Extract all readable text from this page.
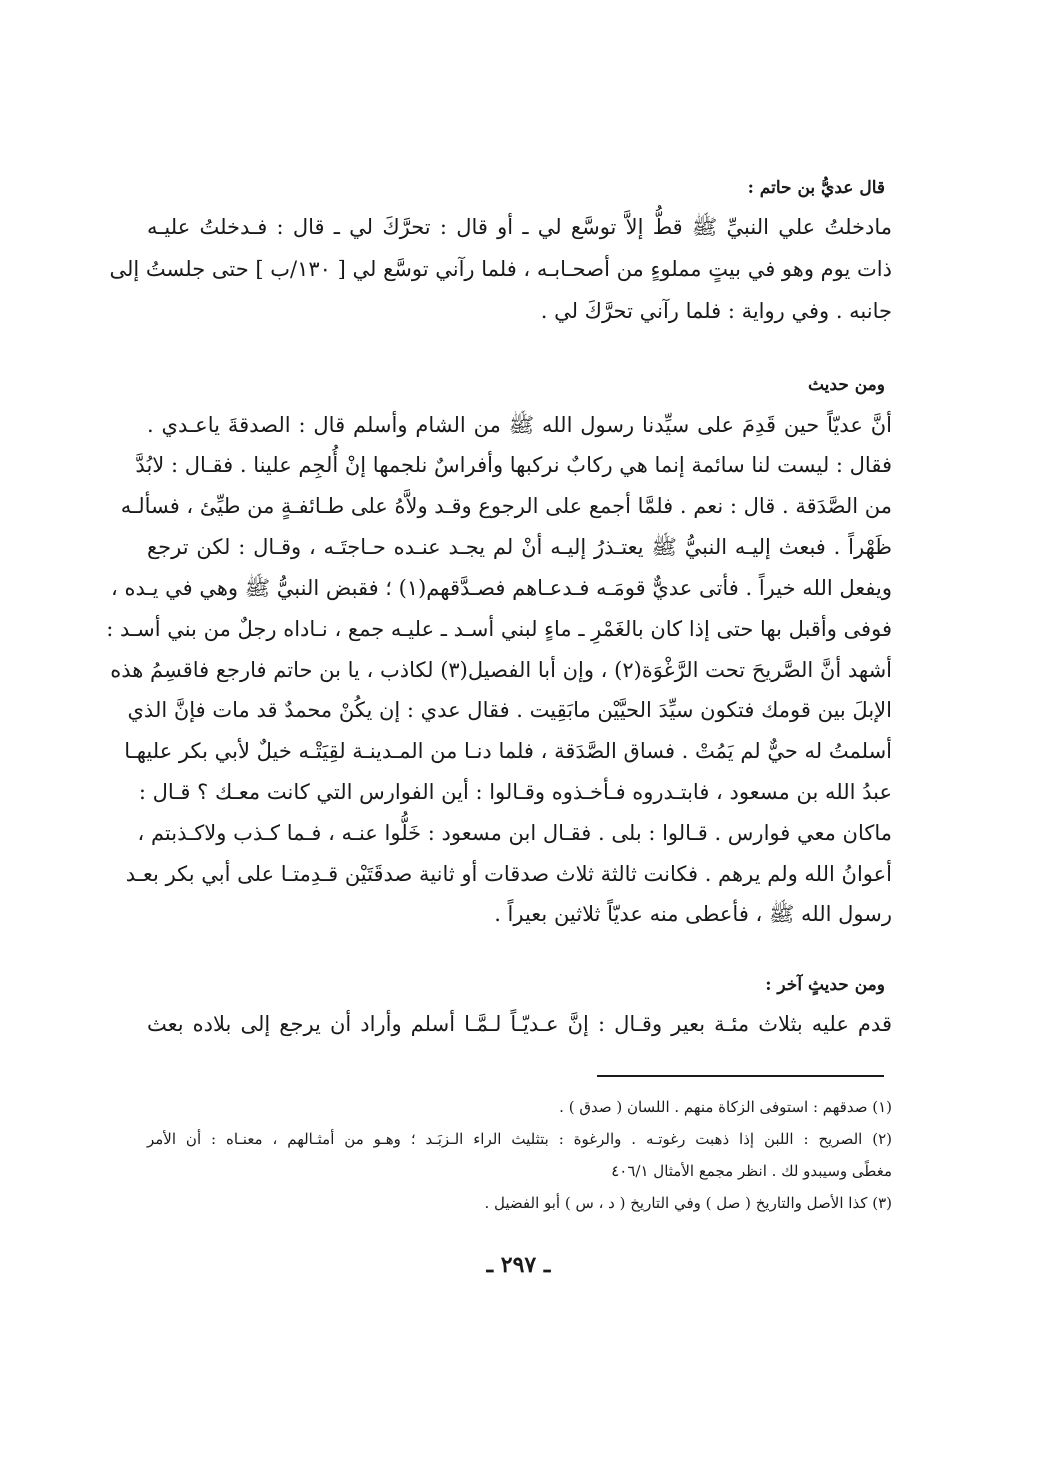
قال عديُّ بن حاتم :
مادخلتُ علي النبيِّ ﷺ قطُّ إلاَّ توسَّع لي ـ أو قال : تحرَّكَ لي ـ قال : فـدخلتُ عليـه
ذات يوم وهو في بيتٍ مملوءٍ من أصحـابـه ، فلما رآني توسَّع لي [ ١٣٠/ب ] حتى جلستُ إلى
جانبه . وفي رواية : فلما رآني تحرَّكَ لي .
ومن حديث
أنَّ عديّاً حين قَدِمَ على سيِّدنا رسول الله ﷺ من الشام وأسلم قال : الصدقةَ ياعـدي .
فقال : ليست لنا سائمة إنما هي ركابٌ نركبها وأفراسٌ نلجمها إنْ أُلجِم علينا . فقـال : لابُدَّ
من الصَّدَقة . قال : نعم . فلمَّا أجمع على الرجوع وقـد ولاَّهُ على طـائفـةٍ من طيِّئ ، فسألـه
ظَهْراً . فبعث إليـه النبيُّ ﷺ يعتـذرُ إليـه أنْ لم يجـد عنـده حـاجتَـه ، وقـال : لكن ترجع
ويفعل الله خيراً . فأتى عديٌّ قومَـه فـدعـاهم فصـدَّقهم(١) ؛ فقبض النبيُّ ﷺ وهي في يـده ،
فوفى وأقبل بها حتى إذا كان بالغَمْرِ ـ ماءٍ لبني أسـد ـ عليـه جمع ، نـاداه رجلٌ من بني أسـد :
أشهد أنَّ الصَّريحَ تحت الرَّغْوَة(٢) ، وإن أبا الفصيل(٣) لكاذب ، يا بن حاتم فارجع فاقسِمُ هذه
الإبلَ بين قومك فتكون سيِّدَ الحيَّيْن مابَقِيت . فقال عدي : إن يكُنْ محمدٌ قد مات فإنَّ الذي
أسلمتُ له حيٌّ لم يَمُتْ . فساق الصَّدَقة ، فلما دنـا من المـدينـة لقِيَتْـه خيلٌ لأبي بكر عليهـا
عبدُ الله بن مسعود ، فابتـدروه فـأخـذوه وقـالوا : أين الفوارس التي كانت معـك ؟ قـال :
ماكان معي فوارس . قـالوا : بلى . فقـال ابن مسعود : خَلُّوا عنـه ، فـما كـذب ولاكـذبتم ،
أعوانُ الله ولم يرهم . فكانت ثالثة ثلاث صدقات أو ثانية صدقَتَيْن قـدِمتـا على أبي بكر بعـد
رسول الله ﷺ ، فأعطى منه عديّاً ثلاثين بعيراً .
ومن حديثٍ آخر :
قدم عليه بثلاث مئـة بعير وقـال : إنَّ عـديّـاً لـمَّـا أسلم وأراد أن يرجع إلى بلاده بعث
(١) صدقهم : استوفى الزكاة منهم . اللسان ( صدق ) .
(٢) الصريح : اللبن إذا ذهبت رغوتـه . والرغوة : بتثليث الراء الـزبَـد ؛ وهـو من أمثـالهم ، معنـاه : أن الأمر
مغطًى وسيبدو لك . انظر مجمع الأمثال ٤٠٦/١
(٣) كذا الأصل والتاريخ ( صل ) وفي التاريخ ( د ، س ) أبو الفضيل .
ـ ٢٩٧ ـ
